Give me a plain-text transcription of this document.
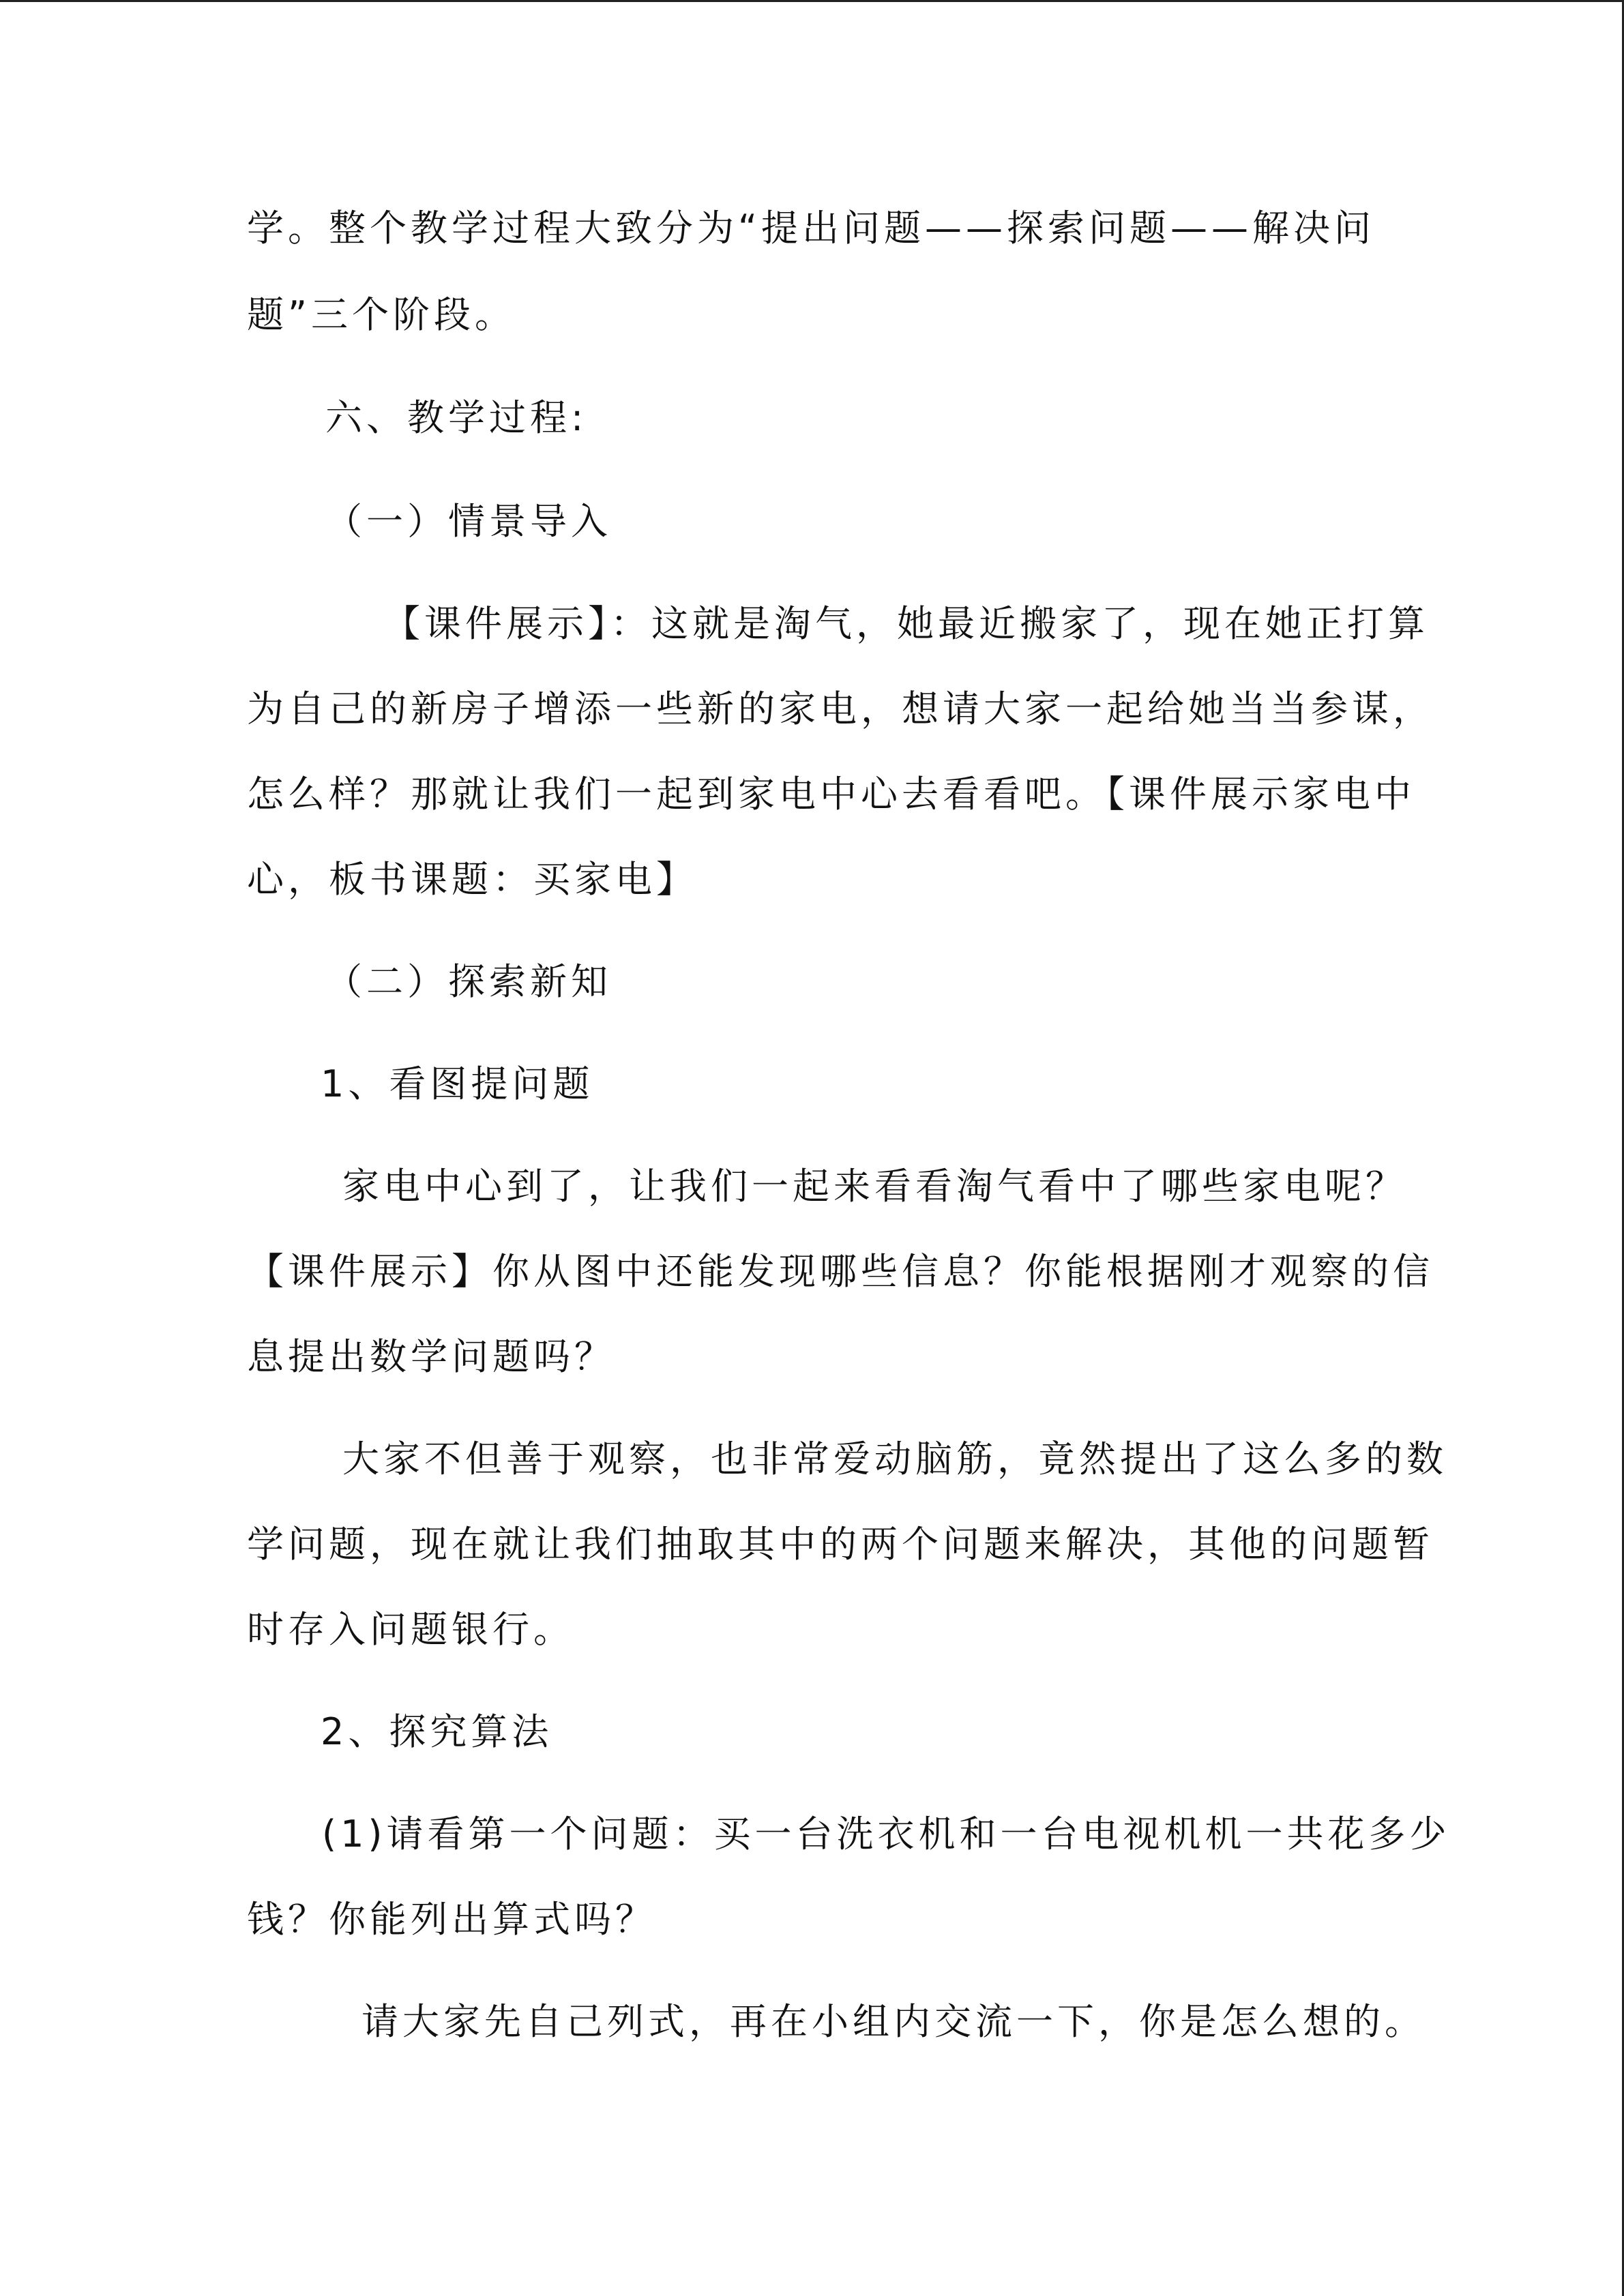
学。整个教学过程大致分为“提出问题——探索问题——解决问
题”三个阶段。
六、教学过程:
（一）情景导入
【课件展示】：这就是淘气，她最近搬家了，现在她正打算
为自己的新房子增添一些新的家电，想请大家一起给她当当参谋，
怎么样？那就让我们一起到家电中心去看看吧。【课件展示家电中
心，板书课题：买家电】
（二）探索新知
1、看图提问题
家电中心到了，让我们一起来看看淘气看中了哪些家电呢？
【课件展示】你从图中还能发现哪些信息？你能根据刚才观察的信
息提出数学问题吗？
大家不但善于观察，也非常爱动脑筋，竟然提出了这么多的数
学问题，现在就让我们抽取其中的两个问题来解决，其他的问题暂
时存入问题银行。
2、探究算法
(1)请看第一个问题：买一台洗衣机和一台电视机机一共花多少
钱？你能列出算式吗？
请大家先自己列式，再在小组内交流一下，你是怎么想的。
